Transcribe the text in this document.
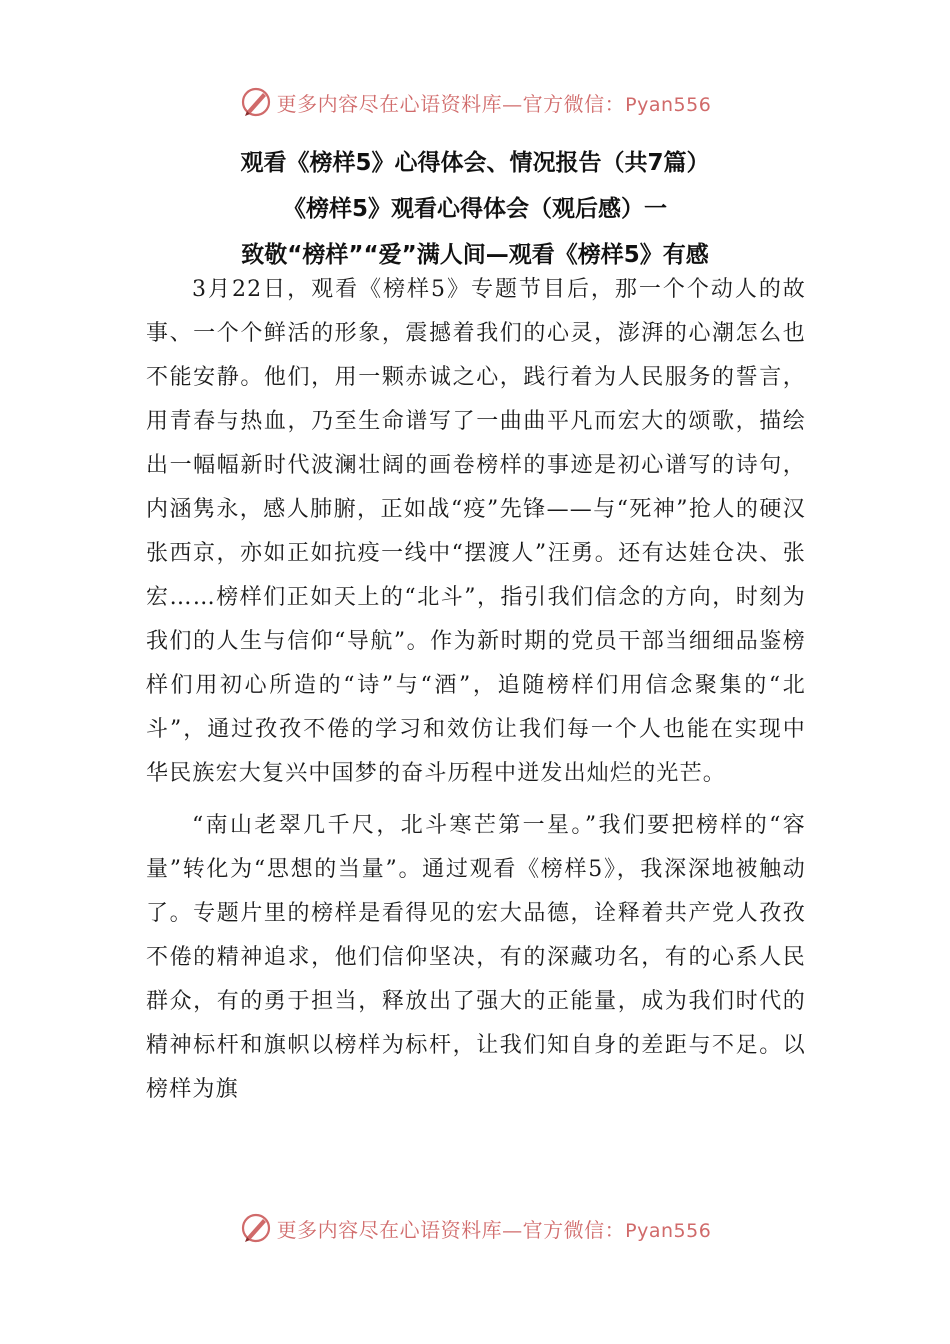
更多内容尽在心语资料库—官方微信：Pyan556
观看《榜样5》心得体会、情况报告（共7篇）
《榜样5》观看心得体会（观后感）一
致敬“榜样”“爱”满人间—观看《榜样5》有感

3月22日，观看《榜样5》专题节目后，那一个个动人的故事、一个个鲜活的形象，震撼着我们的心灵，澎湃的心潮怎么也不能安静。他们，用一颗赤诚之心，践行着为人民服务的誓言，用青春与热血，乃至生命谱写了一曲曲平凡而宏大的颂歌，描绘出一幅幅新时代波澜壮阔的画卷榜样的事迹是初心谱写的诗句，内涵隽永，感人肺腑，正如战“疫”先锋——与“死神”抢人的硬汉张西京，亦如正如抗疫一线中“摆渡人”汪勇。还有达娃仓决、张宏……榜样们正如天上的“北斗”，指引我们信念的方向，时刻为我们的人生与信仰“导航”。作为新时期的党员干部当细细品鉴榜样们用初心所造的“诗”与“酒”，追随榜样们用信念聚集的“北斗”，通过孜孜不倦的学习和效仿让我们每一个人也能在实现中华民族宏大复兴中国梦的奋斗历程中迸发出灿烂的光芒。

“南山老翠几千尺，北斗寒芒第一星。”我们要把榜样的“容量”转化为“思想的当量”。通过观看《榜样5》，我深深地被触动了。专题片里的榜样是看得见的宏大品德，诠释着共产党人孜孜不倦的精神追求，他们信仰坚决，有的深藏功名，有的心系人民群众，有的勇于担当，释放出了强大的正能量，成为我们时代的精神标杆和旗帜以榜样为标杆，让我们知自身的差距与不足。以榜样为旗

更多内容尽在心语资料库—官方微信：Pyan556
